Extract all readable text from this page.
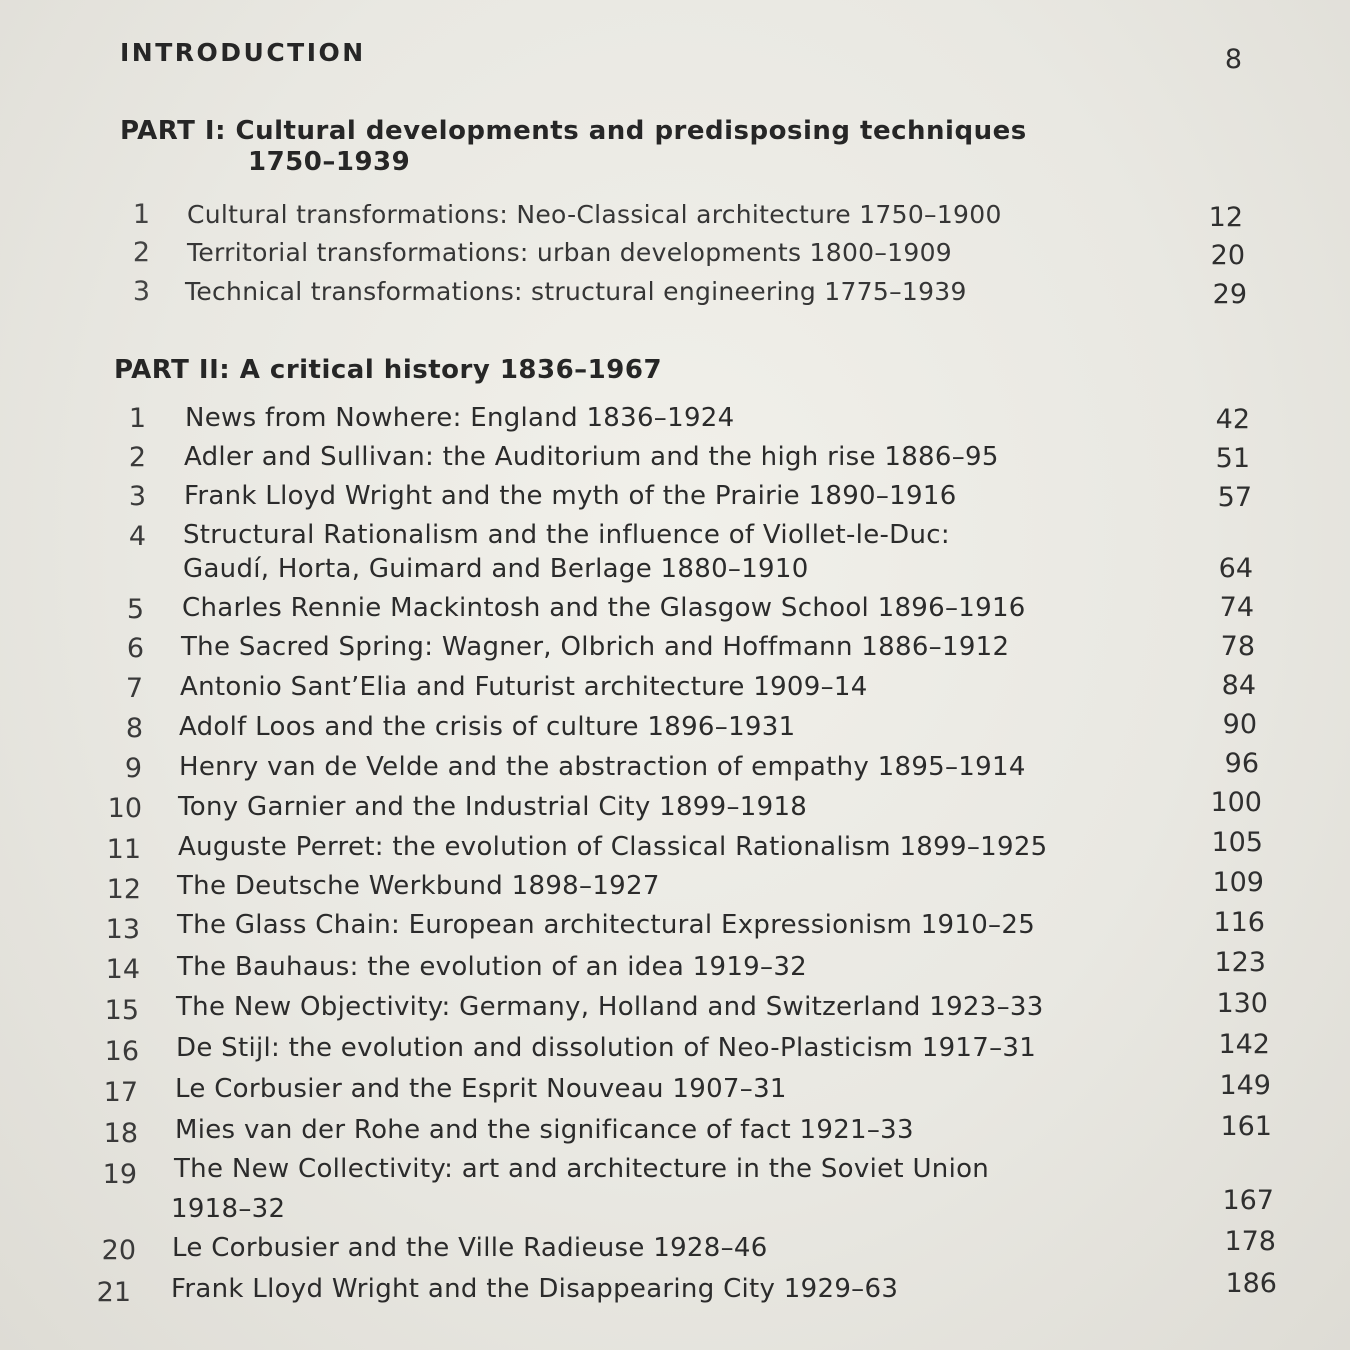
INTRODUCTION	8
PART I: Cultural developments and predisposing techniques
1750–1939
1 Cultural transformations: Neo-Classical architecture 1750–1900	12
2 Territorial transformations: urban developments 1800–1909	20
3 Technical transformations: structural engineering 1775–1939	29
PART II: A critical history 1836–1967
1 News from Nowhere: England 1836–1924	42
2 Adler and Sullivan: the Auditorium and the high rise 1886–95	51
3 Frank Lloyd Wright and the myth of the Prairie 1890–1916	57
4 Structural Rationalism and the influence of Viollet-le-Duc:
Gaudí, Horta, Guimard and Berlage 1880–1910	64
5 Charles Rennie Mackintosh and the Glasgow School 1896–1916	74
6 The Sacred Spring: Wagner, Olbrich and Hoffmann 1886–1912	78
7 Antonio Sant’Elia and Futurist architecture 1909–14	84
8 Adolf Loos and the crisis of culture 1896–1931	90
9 Henry van de Velde and the abstraction of empathy 1895–1914	96
10 Tony Garnier and the Industrial City 1899–1918	100
11 Auguste Perret: the evolution of Classical Rationalism 1899–1925	105
12 The Deutsche Werkbund 1898–1927	109
13 The Glass Chain: European architectural Expressionism 1910–25	116
14 The Bauhaus: the evolution of an idea 1919–32	123
15 The New Objectivity: Germany, Holland and Switzerland 1923–33	130
16 De Stijl: the evolution and dissolution of Neo-Plasticism 1917–31	142
17 Le Corbusier and the Esprit Nouveau 1907–31	149
18 Mies van der Rohe and the significance of fact 1921–33	161
19 The New Collectivity: art and architecture in the Soviet Union
1918–32	167
20 Le Corbusier and the Ville Radieuse 1928–46	178
21 Frank Lloyd Wright and the Disappearing City 1929–63	186
